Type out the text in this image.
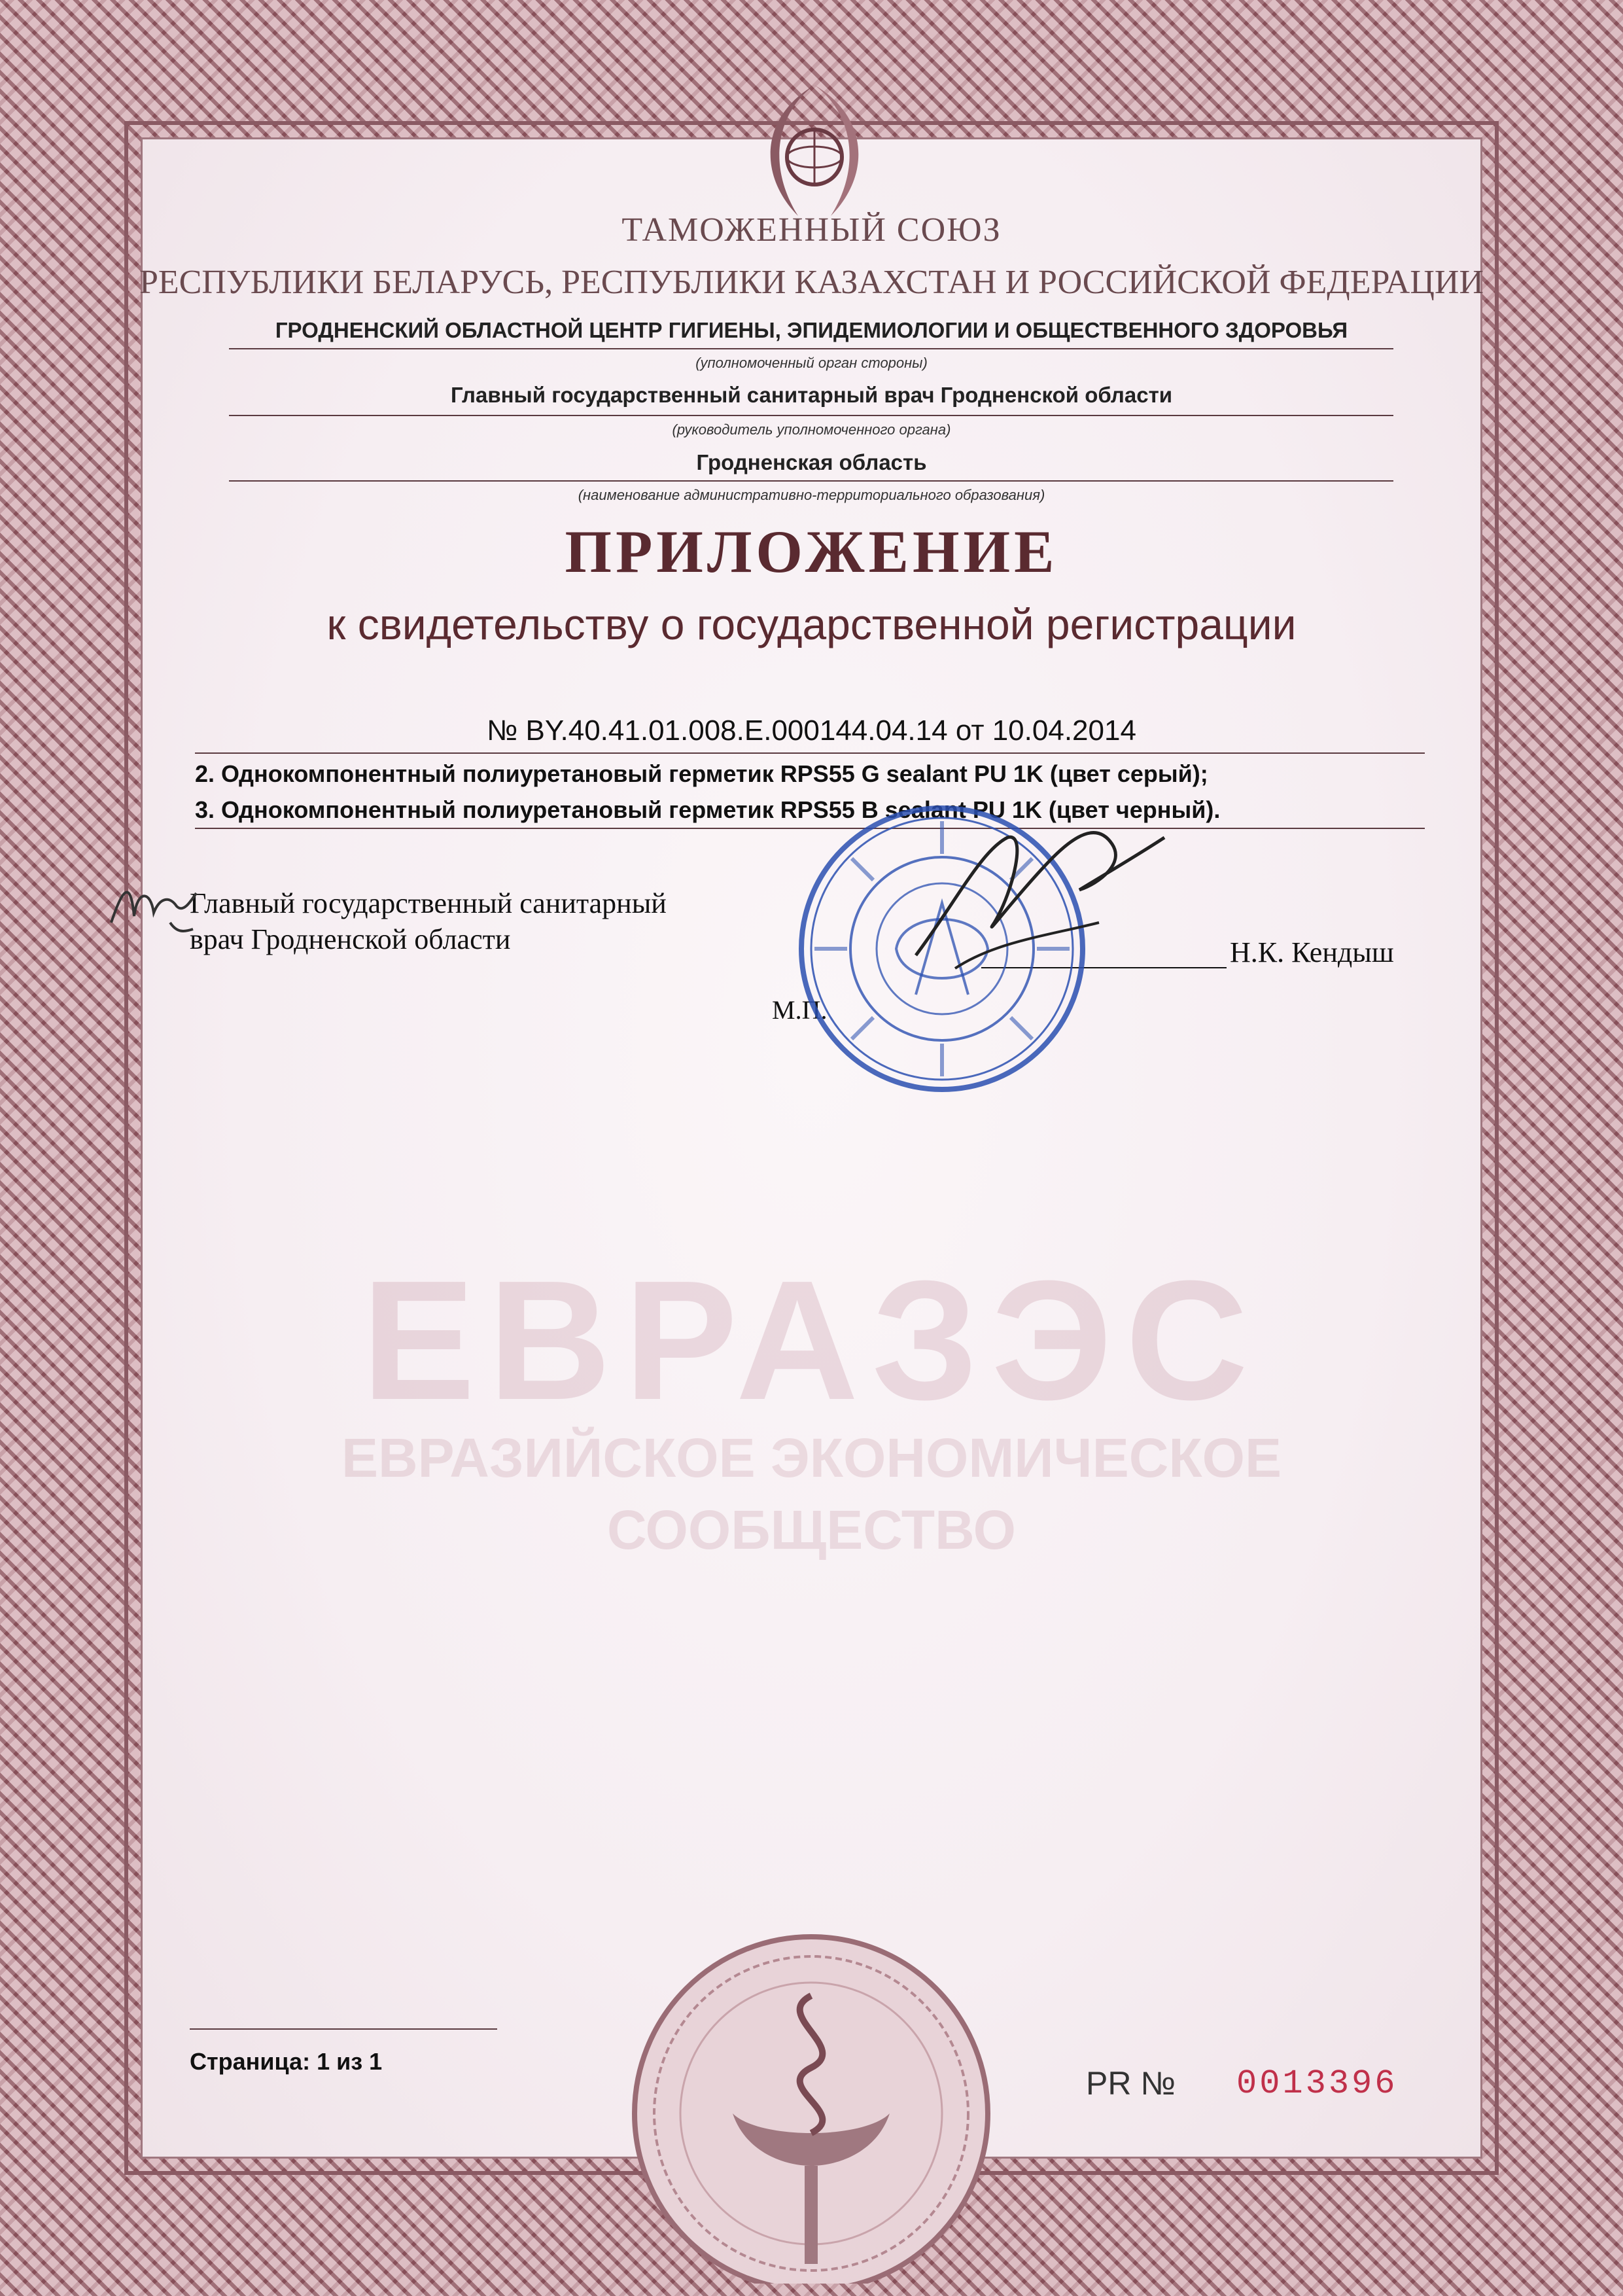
ТАМОЖЕННЫЙ СОЮЗ
РЕСПУБЛИКИ БЕЛАРУСЬ, РЕСПУБЛИКИ КАЗАХСТАН И РОССИЙСКОЙ ФЕДЕРАЦИИ
ГРОДНЕНСКИЙ ОБЛАСТНОЙ ЦЕНТР ГИГИЕНЫ, ЭПИДЕМИОЛОГИИ И ОБЩЕСТВЕННОГО ЗДОРОВЬЯ
(уполномоченный орган стороны)
Главный государственный санитарный врач Гродненской области
(руководитель уполномоченного органа)
Гродненская область
(наименование административно-территориального образования)
ПРИЛОЖЕНИЕ
к свидетельству о государственной регистрации
№ BY.40.41.01.008.E.000144.04.14 от 10.04.2014
2. Однокомпонентный полиуретановый герметик RPS55 G sealant PU 1K (цвет серый);
3. Однокомпонентный полиуретановый герметик RPS55 B sealant PU 1K (цвет черный).
Главный государственный санитарный
врач Гродненской области	Н.К. Кендыш
М.П.
ЕВРАЗЭС
ЕВРАЗИЙСКОЕ ЭКОНОМИЧЕСКОЕ
СООБЩЕСТВО
Страница: 1 из 1
PR № 0013396
